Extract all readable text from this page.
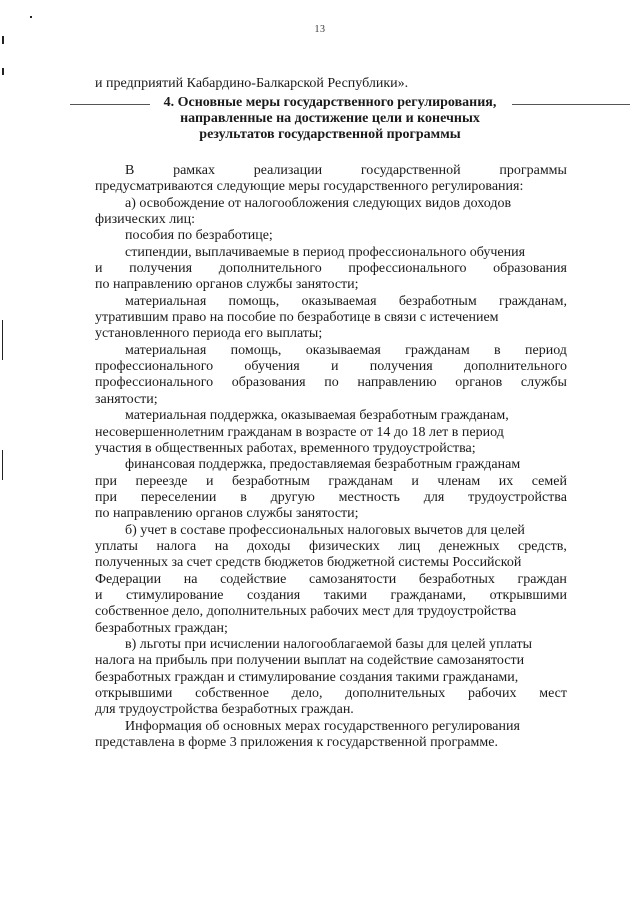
13
и предприятий Кабардино-Балкарской Республики».
4. Основные меры государственного регулирования,
направленные на достижение цели и конечных
результатов государственной программы
В	рамках	реализации	государственной	программы
предусматриваются следующие меры государственного регулирования:
а) освобождение от налогообложения следующих видов доходов
физических лиц:
пособия по безработице;
стипендии, выплачиваемые в период профессионального обучения
и получения дополнительного профессионального образования
по направлению органов службы занятости;
материальная помощь, оказываемая безработным гражданам,
утратившим право на пособие по безработице в связи с истечением
установленного периода его выплаты;
материальная помощь, оказываемая гражданам в период
профессионального обучения и получения дополнительного
профессионального образования по направлению органов службы
занятости;
материальная поддержка, оказываемая безработным гражданам,
несовершеннолетним гражданам в возрасте от 14 до 18 лет в период
участия в общественных работах, временного трудоустройства;
финансовая поддержка, предоставляемая безработным гражданам
при переезде и безработным гражданам и членам их семей
при переселении в другую местность для трудоустройства
по направлению органов службы занятости;
б) учет в составе профессиональных налоговых вычетов для целей
уплаты налога на доходы физических лиц денежных средств,
полученных за счет средств бюджетов бюджетной системы Российской
Федерации на содействие самозанятости безработных граждан
и стимулирование создания такими гражданами, открывшими
собственное дело, дополнительных рабочих мест для трудоустройства
безработных граждан;
в) льготы при исчислении налогооблагаемой базы для целей уплаты
налога на прибыль при получении выплат на содействие самозанятости
безработных граждан и стимулирование создания такими гражданами,
открывшими собственное дело, дополнительных рабочих мест
для трудоустройства безработных граждан.
Информация об основных мерах государственного регулирования
представлена в форме 3 приложения к государственной программе.
